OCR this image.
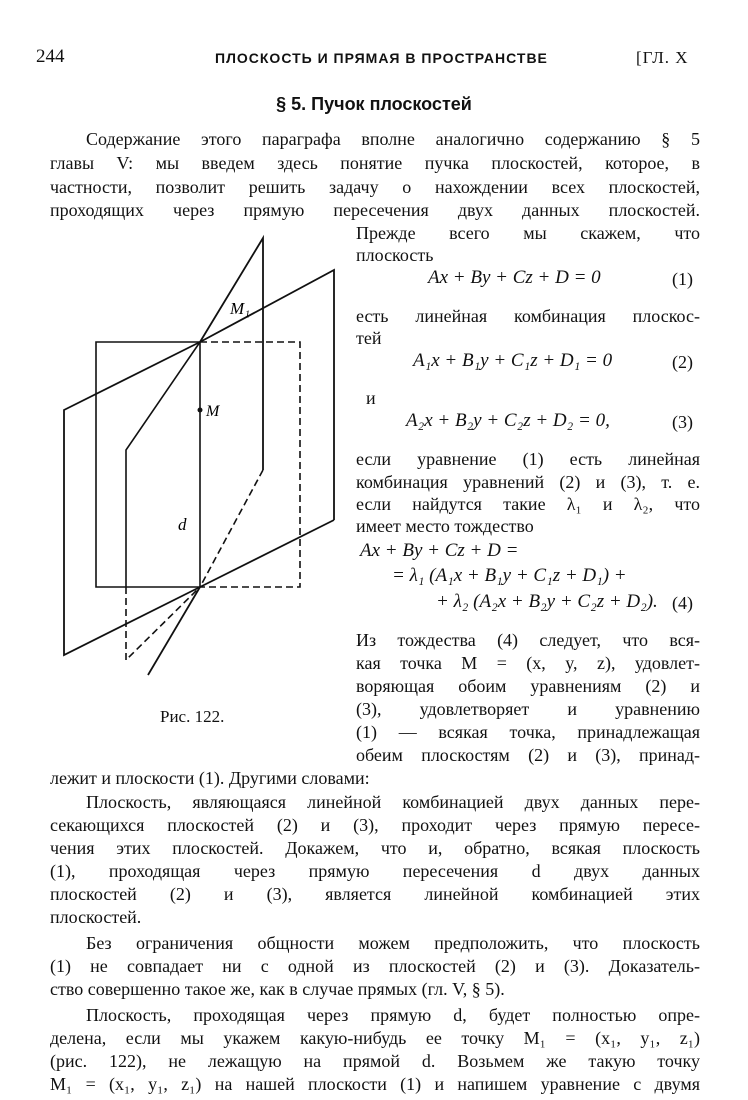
244	ПЛОСКОСТЬ И ПРЯМАЯ В ПРОСТРАНСТВЕ	[ГЛ. X
§ 5. Пучок плоскостей
Содержание этого параграфа вполне аналогично содержанию § 5
главы V: мы введем здесь понятие пучка плоскостей, которое, в
частности, позволит решить задачу о нахождении всех плоскостей,
проходящих через прямую пересечения двух данных плоскостей.
M₁
M
d
Рис. 122.
Прежде всего мы скажем, что
плоскость
Ax + By + Cz + D = 0	(1)
есть линейная комбинация плоскос-
тей
A₁x + B₁y + C₁z + D₁ = 0	(2)
и
A₂x + B₂y + C₂z + D₂ = 0,	(3)
если уравнение (1) есть линейная
комбинация уравнений (2) и (3), т. е.
если найдутся такие λ₁ и λ₂, что
имеет место тождество
Ax + By + Cz + D =
= λ₁ (A₁x + B₁y + C₁z + D₁) +
+ λ₂ (A₂x + B₂y + C₂z + D₂). (4)
Из тождества (4) следует, что вся-
кая точка M = (x, y, z), удовлет-
воряющая обоим уравнениям (2) и
(3), удовлетворяет и уравнению
(1) — всякая точка, принадлежащая
обеим плоскостям (2) и (3), принад-
лежит и плоскости (1). Другими словами:
Плоскость, являющаяся линейной комбинацией двух данных пере-
секающихся плоскостей (2) и (3), проходит через прямую пересе-
чения этих плоскостей. Докажем, что и, обратно, всякая плоскость
(1), проходящая через прямую пересечения d двух данных
плоскостей (2) и (3), является линейной комбинацией этих
плоскостей.
Без ограничения общности можем предположить, что плоскость
(1) не совпадает ни с одной из плоскостей (2) и (3). Доказатель-
ство совершенно такое же, как в случае прямых (гл. V, § 5).
Плоскость, проходящая через прямую d, будет полностью опре-
делена, если мы укажем какую-нибудь ее точку M₁ = (x₁, y₁, z₁)
(рис. 122), не лежащую на прямой d. Возьмем же такую точку
M₁ = (x₁, y₁, z₁) на нашей плоскости (1) и напишем уравнение с двумя
